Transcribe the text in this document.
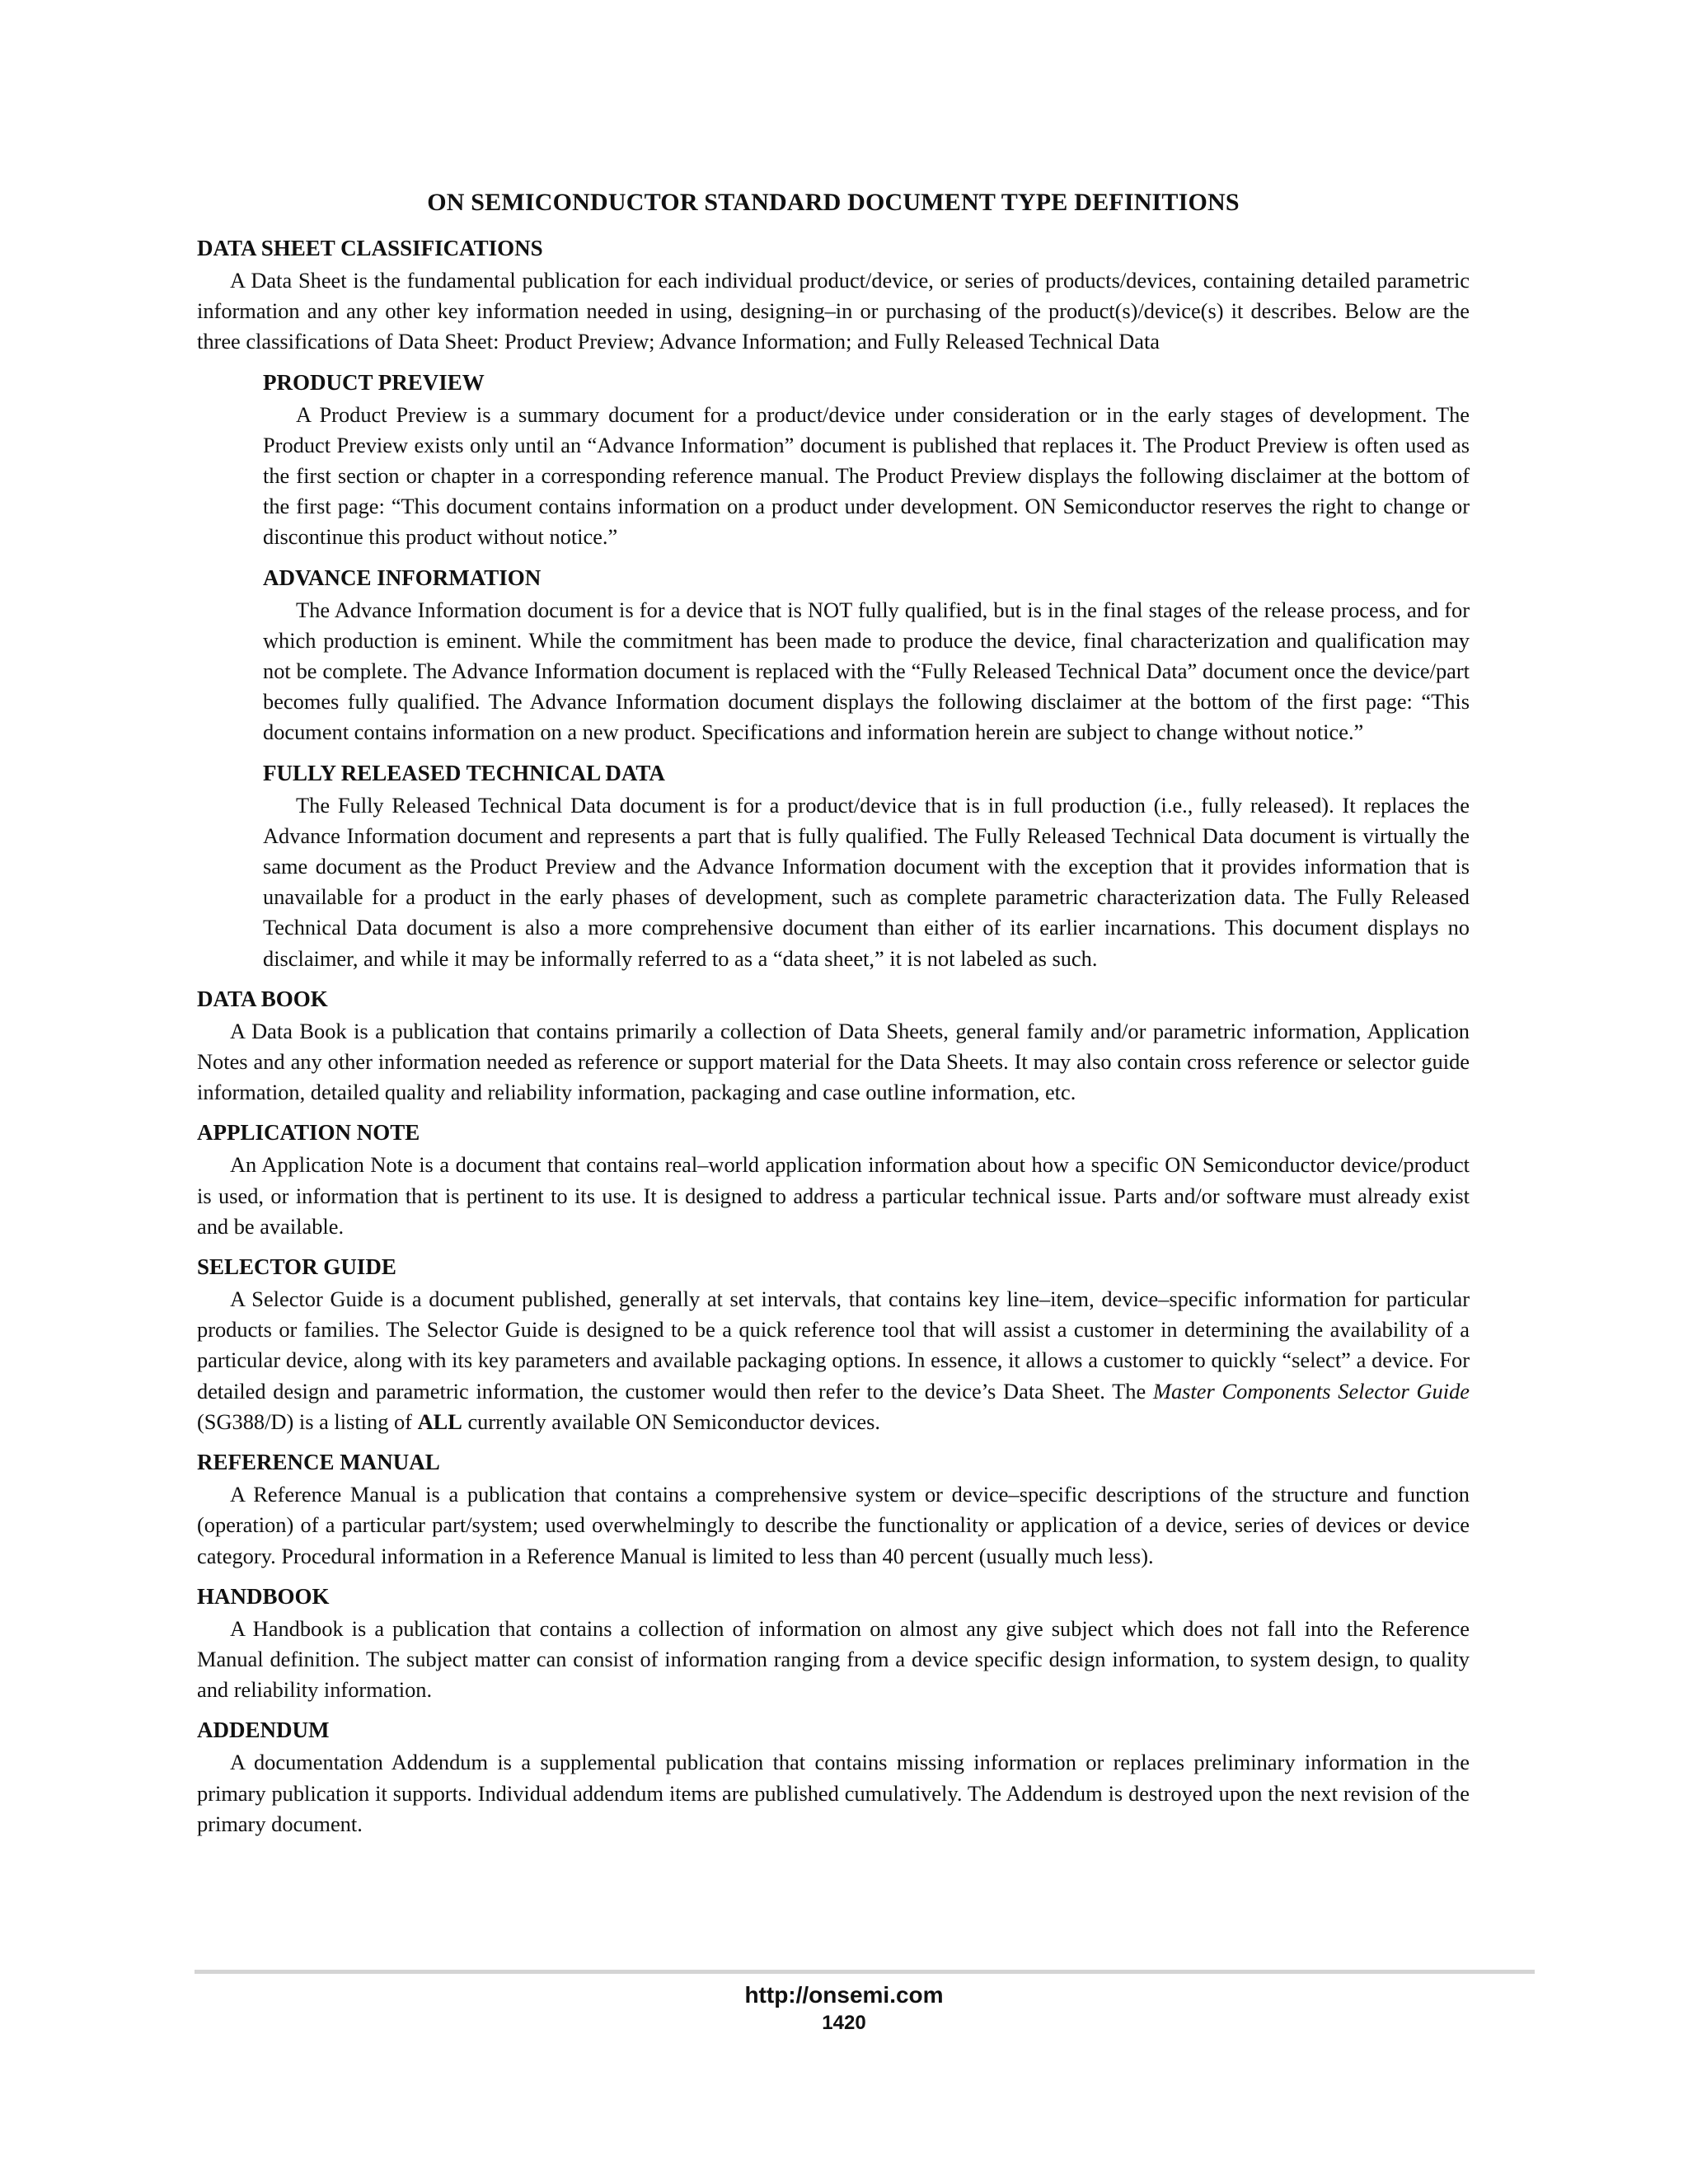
ON SEMICONDUCTOR STANDARD DOCUMENT TYPE DEFINITIONS
DATA SHEET CLASSIFICATIONS

A Data Sheet is the fundamental publication for each individual product/device, or series of products/devices, containing detailed parametric information and any other key information needed in using, designing–in or purchasing of the product(s)/device(s) it describes. Below are the three classifications of Data Sheet: Product Preview; Advance Information; and Fully Released Technical Data

PRODUCT PREVIEW

A Product Preview is a summary document for a product/device under consideration or in the early stages of development. The Product Preview exists only until an “Advance Information” document is published that replaces it. The Product Preview is often used as the first section or chapter in a corresponding reference manual. The Product Preview displays the following disclaimer at the bottom of the first page: “This document contains information on a product under development. ON Semiconductor reserves the right to change or discontinue this product without notice.”

ADVANCE INFORMATION

The Advance Information document is for a device that is NOT fully qualified, but is in the final stages of the release process, and for which production is eminent. While the commitment has been made to produce the device, final characterization and qualification may not be complete. The Advance Information document is replaced with the “Fully Released Technical Data” document once the device/part becomes fully qualified. The Advance Information document displays the following disclaimer at the bottom of the first page: “This document contains information on a new product. Specifications and information herein are subject to change without notice.”

FULLY RELEASED TECHNICAL DATA

The Fully Released Technical Data document is for a product/device that is in full production (i.e., fully released). It replaces the Advance Information document and represents a part that is fully qualified. The Fully Released Technical Data document is virtually the same document as the Product Preview and the Advance Information document with the exception that it provides information that is unavailable for a product in the early phases of development, such as complete parametric characterization data. The Fully Released Technical Data document is also a more comprehensive document than either of its earlier incarnations. This document displays no disclaimer, and while it may be informally referred to as a “data sheet,” it is not labeled as such.

DATA BOOK

A Data Book is a publication that contains primarily a collection of Data Sheets, general family and/or parametric information, Application Notes and any other information needed as reference or support material for the Data Sheets. It may also contain cross reference or selector guide information, detailed quality and reliability information, packaging and case outline information, etc.

APPLICATION NOTE

An Application Note is a document that contains real–world application information about how a specific ON Semiconductor device/product is used, or information that is pertinent to its use. It is designed to address a particular technical issue. Parts and/or software must already exist and be available.

SELECTOR GUIDE

A Selector Guide is a document published, generally at set intervals, that contains key line–item, device–specific information for particular products or families. The Selector Guide is designed to be a quick reference tool that will assist a customer in determining the availability of a particular device, along with its key parameters and available packaging options. In essence, it allows a customer to quickly “select” a device. For detailed design and parametric information, the customer would then refer to the device’s Data Sheet. The Master Components Selector Guide (SG388/D) is a listing of ALL currently available ON Semiconductor devices.

REFERENCE MANUAL

A Reference Manual is a publication that contains a comprehensive system or device–specific descriptions of the structure and function (operation) of a particular part/system; used overwhelmingly to describe the functionality or application of a device, series of devices or device category. Procedural information in a Reference Manual is limited to less than 40 percent (usually much less).

HANDBOOK

A Handbook is a publication that contains a collection of information on almost any give subject which does not fall into the Reference Manual definition. The subject matter can consist of information ranging from a device specific design information, to system design, to quality and reliability information.

ADDENDUM

A documentation Addendum is a supplemental publication that contains missing information or replaces preliminary information in the primary publication it supports. Individual addendum items are published cumulatively. The Addendum is destroyed upon the next revision of the primary document.

http://onsemi.com
1420
